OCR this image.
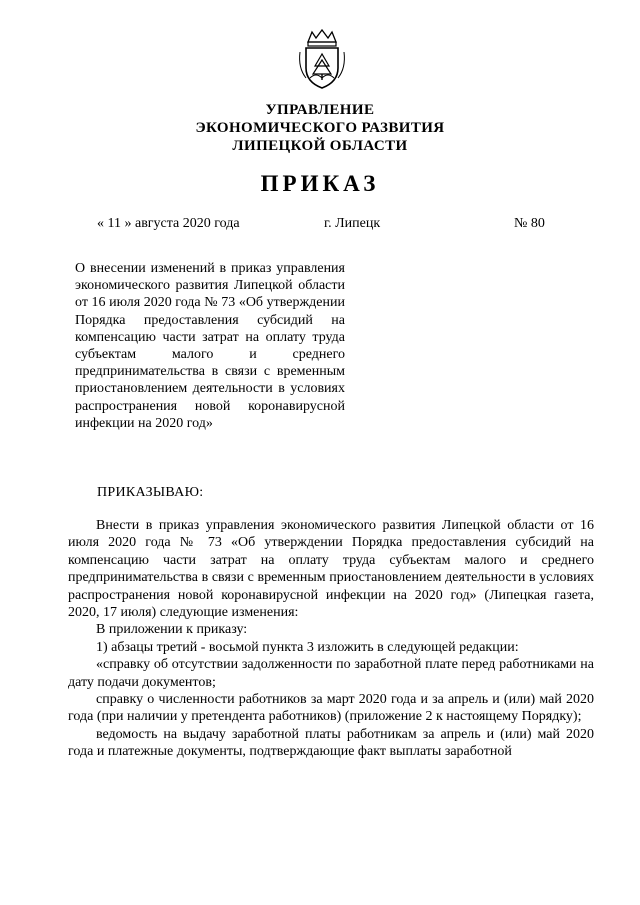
УПРАВЛЕНИЕ
ЭКОНОМИЧЕСКОГО РАЗВИТИЯ
ЛИПЕЦКОЙ ОБЛАСТИ
ПРИКАЗ
« 11 » августа 2020 года	г. Липецк	№ 80
О внесении изменений в приказ управления экономического развития Липецкой области от 16 июля 2020 года № 73 «Об утверждении Порядка предоставления субсидий на компенсацию части затрат на оплату труда субъектам малого и среднего предпринимательства в связи с временным приостановлением деятельности в условиях распространения новой коронавирусной инфекции на 2020 год»
ПРИКАЗЫВАЮ:

Внести в приказ управления экономического развития Липецкой области от 16 июля 2020 года № 73 «Об утверждении Порядка предоставления субсидий на компенсацию части затрат на оплату труда субъектам малого и среднего предпринимательства в связи с временным приостановлением деятельности в условиях распространения новой коронавирусной инфекции на 2020 год» (Липецкая газета, 2020, 17 июля) следующие изменения:

В приложении к приказу:

1) абзацы третий - восьмой пункта 3 изложить в следующей редакции:

«справку об отсутствии задолженности по заработной плате перед работниками на дату подачи документов;

справку о численности работников за март 2020 года и за апрель и (или) май 2020 года (при наличии у претендента работников) (приложение 2 к настоящему Порядку);

ведомость на выдачу заработной платы работникам за апрель и (или) май 2020 года и платежные документы, подтверждающие факт выплаты заработной
